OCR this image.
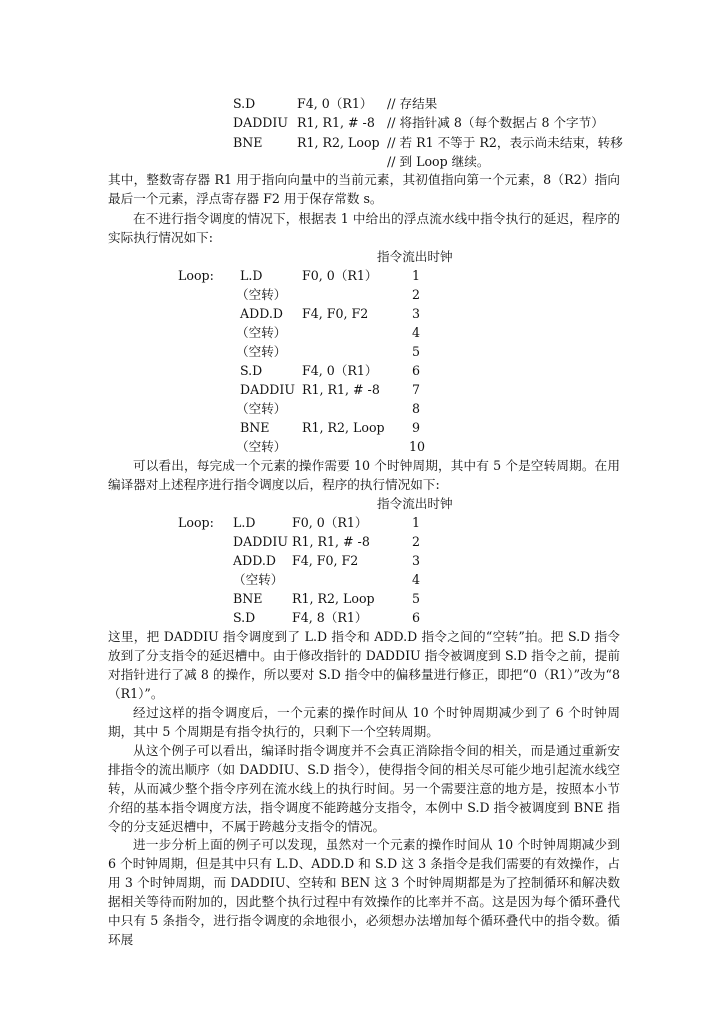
S.D	F4, 0（R1） // 存结果
DADDIU R1, R1, # -8 // 将指针减 8（每个数据占 8 个字节）
BNE	R1, R2, Loop // 若 R1 不等于 R2，表示尚未结束，转移
// 到 Loop 继续。
其中，整数寄存器 R1 用于指向向量中的当前元素，其初值指向第一个元素，8（R2）指向最后一个元素，浮点寄存器 F2 用于保存常数 s。
在不进行指令调度的情况下，根据表 1 中给出的浮点流水线中指令执行的延迟，程序的实际执行情况如下:
指令流出时钟
Loop: L.D	F0, 0（R1）	1
（空转）	2
ADD.D F4, F0, F2	3
（空转）	4
（空转）	5
S.D	F4, 0（R1）	6
DADDIU R1, R1, # -8	7
（空转）	8
BNE	R1, R2, Loop 9
（空转）	10
可以看出，每完成一个元素的操作需要 10 个时钟周期，其中有 5 个是空转周期。在用编译器对上述程序进行指令调度以后，程序的执行情况如下:
指令流出时钟
Loop: L.D	F0, 0（R1）	1
DADDIU R1, R1, # -8	2
ADD.D F4, F0, F2	3
（空转）	4
BNE R1, R2, Loop	5
S.D	F4, 8（R1）	6
这里，把 DADDIU 指令调度到了 L.D 指令和 ADD.D 指令之间的“空转”拍。把 S.D 指令放到了分支指令的延迟槽中。由于修改指针的 DADDIU 指令被调度到 S.D 指令之前，提前对指针进行了减 8 的操作，所以要对 S.D 指令中的偏移量进行修正，即把“0（R1）”改为“8（R1）”。
经过这样的指令调度后，一个元素的操作时间从 10 个时钟周期减少到了 6 个时钟周期，其中 5 个周期是有指令执行的，只剩下一个空转周期。
从这个例子可以看出，编译时指令调度并不会真正消除指令间的相关，而是通过重新安排指令的流出顺序（如 DADDIU、S.D 指令），使得指令间的相关尽可能少地引起流水线空转，从而减少整个指令序列在流水线上的执行时间。另一个需要注意的地方是，按照本小节介绍的基本指令调度方法，指令调度不能跨越分支指令，本例中 S.D 指令被调度到 BNE 指令的分支延迟槽中，不属于跨越分支指令的情况。
进一步分析上面的例子可以发现，虽然对一个元素的操作时间从 10 个时钟周期减少到 6 个时钟周期，但是其中只有 L.D、ADD.D 和 S.D 这 3 条指令是我们需要的有效操作，占用 3 个时钟周期，而 DADDIU、空转和 BEN 这 3 个时钟周期都是为了控制循环和解决数据相关等待而附加的，因此整个执行过程中有效操作的比率并不高。这是因为每个循环叠代中只有 5 条指令，进行指令调度的余地很小，必须想办法增加每个循环叠代中的指令数。循环展
